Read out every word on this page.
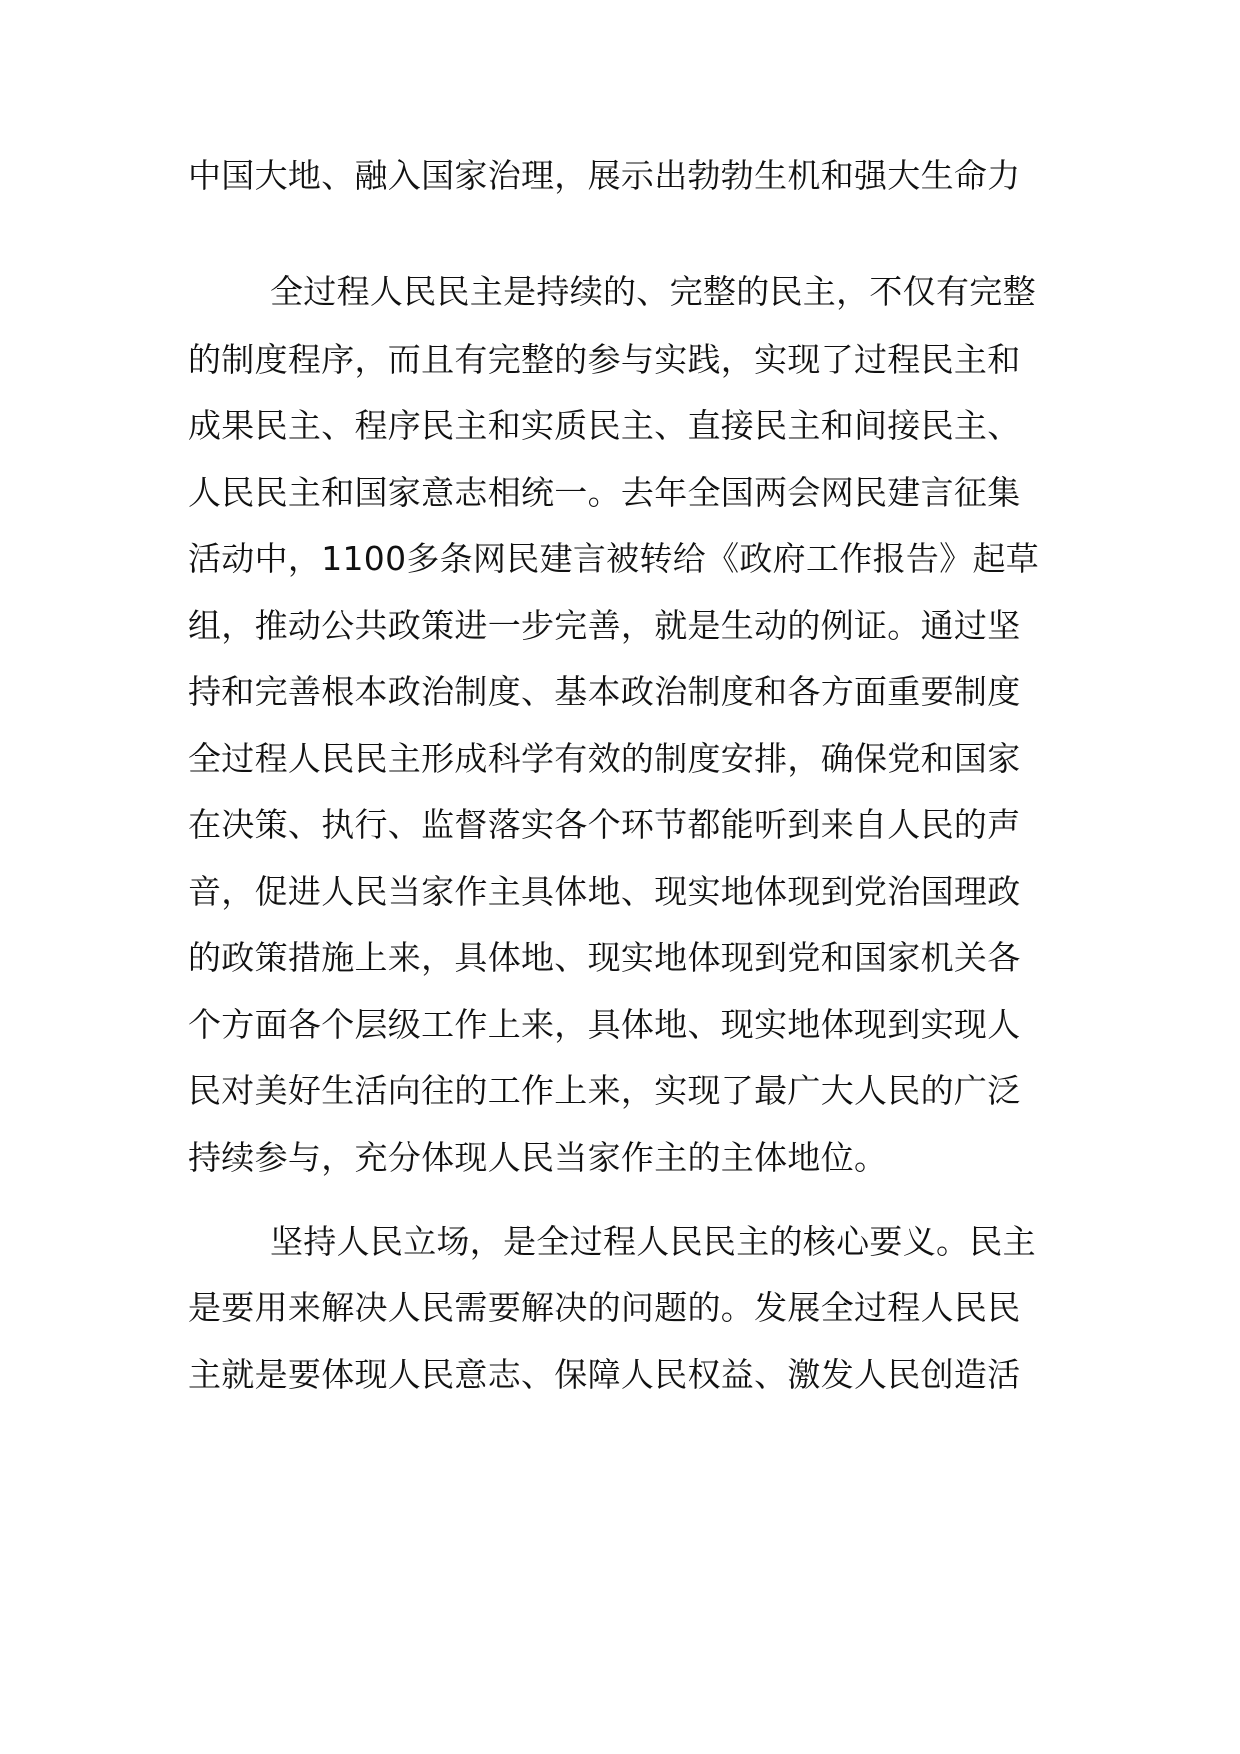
中国大地、融入国家治理，展示出勃勃生机和强大生命力
全过程人民民主是持续的、完整的民主，不仅有完整
的制度程序，而且有完整的参与实践，实现了过程民主和
成果民主、程序民主和实质民主、直接民主和间接民主、
人民民主和国家意志相统一。去年全国两会网民建言征集
活动中，1100多条网民建言被转给《政府工作报告》起草
组，推动公共政策进一步完善，就是生动的例证。通过坚
持和完善根本政治制度、基本政治制度和各方面重要制度
全过程人民民主形成科学有效的制度安排，确保党和国家
在决策、执行、监督落实各个环节都能听到来自人民的声
音，促进人民当家作主具体地、现实地体现到党治国理政
的政策措施上来，具体地、现实地体现到党和国家机关各
个方面各个层级工作上来，具体地、现实地体现到实现人
民对美好生活向往的工作上来，实现了最广大人民的广泛
持续参与，充分体现人民当家作主的主体地位。
坚持人民立场，是全过程人民民主的核心要义。民主
是要用来解决人民需要解决的问题的。发展全过程人民民
主就是要体现人民意志、保障人民权益、激发人民创造活
